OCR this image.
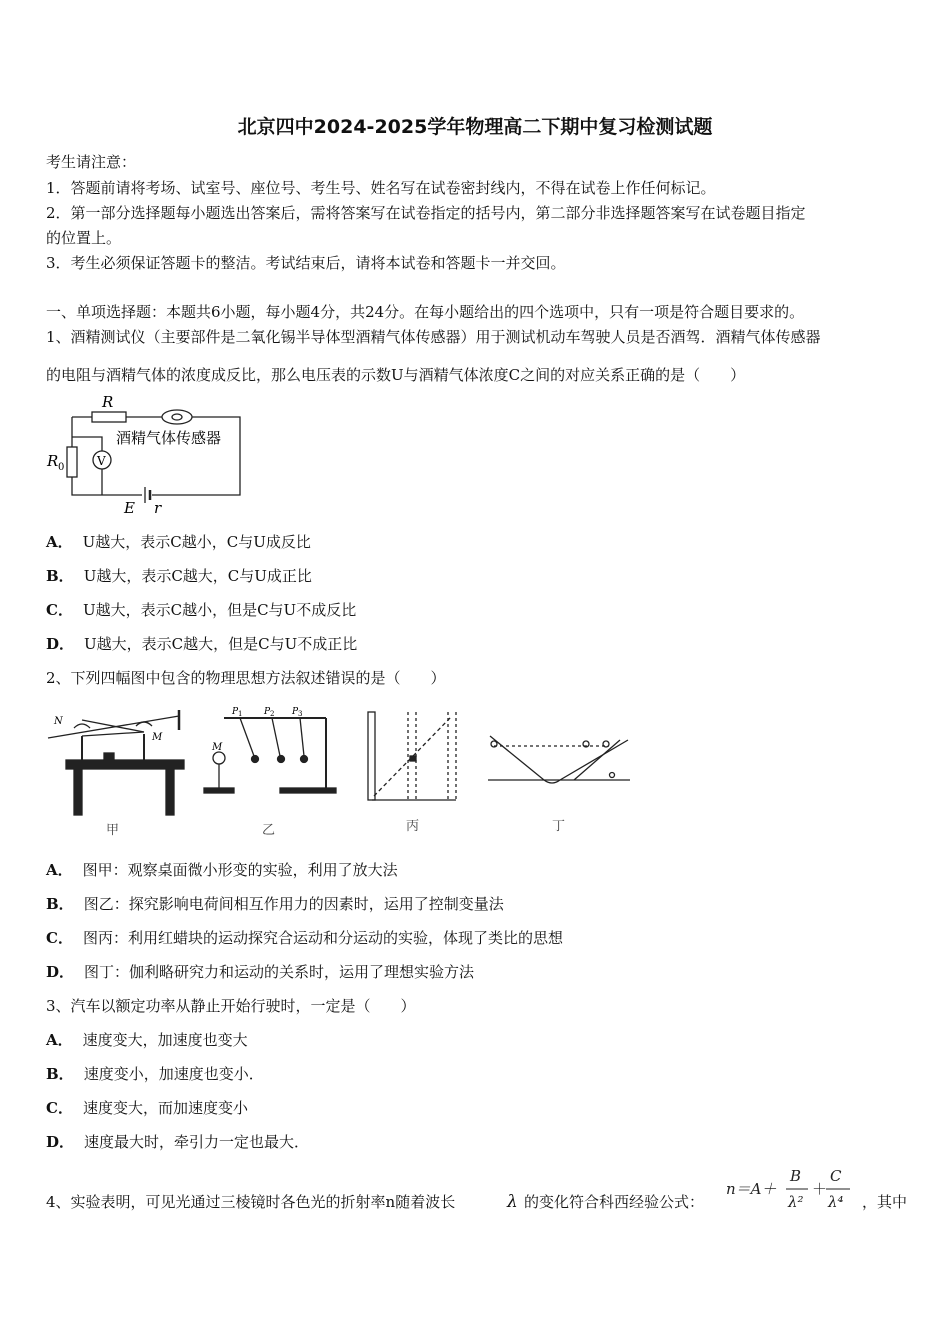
北京四中2024-2025学年物理高二下期中复习检测试题
考生请注意：
1．答题前请将考场、试室号、座位号、考生号、姓名写在试卷密封线内，不得在试卷上作任何标记。
2．第一部分选择题每小题选出答案后，需将答案写在试卷指定的括号内，第二部分非选择题答案写在试卷题目指定
的位置上。
3．考生必须保证答题卡的整洁。考试结束后，请将本试卷和答题卡一并交回。
一、单项选择题：本题共6小题，每小题4分，共24分。在每小题给出的四个选项中，只有一项是符合题目要求的。
1、酒精测试仪（主要部件是二氧化锡半导体型酒精气体传感器）用于测试机动车驾驶人员是否酒驾．酒精气体传感器
的电阻与酒精气体的浓度成反比，那么电压表的示数U与酒精气体浓度C之间的对应关系正确的是（　　）
R
R 0	V
酒精气体传感器
E r
A． U越大，表示C越小，C与U成反比
B． U越大，表示C越大，C与U成正比
C． U越大，表示C越小，但是C与U不成反比
D． U越大，表示C越大，但是C与U不成正比
2、下列四幅图中包含的物理思想方法叙述错误的是（　　）
N
M
甲
P 1 P 2 P 3
M
乙	丙	丁
A． 图甲：观察桌面微小形变的实验，利用了放大法
B． 图乙：探究影响电荷间相互作用力的因素时，运用了控制变量法
C． 图丙：利用红蜡块的运动探究合运动和分运动的实验，体现了类比的思想
D． 图丁：伽利略研究力和运动的关系时，运用了理想实验方法
3、汽车以额定功率从静止开始行驶时，一定是（　　）
A． 速度变大，加速度也变大
B． 速度变小，加速度也变小．
C． 速度变大，而加速度变小
D． 速度最大时，牵引力一定也最大．
4、实验表明，可见光通过三棱镜时各色光的折射率n随着波长	λ 的变化符合科西经验公式：
n＝A＋
B
λ²
＋
C
λ⁴ ，其中
